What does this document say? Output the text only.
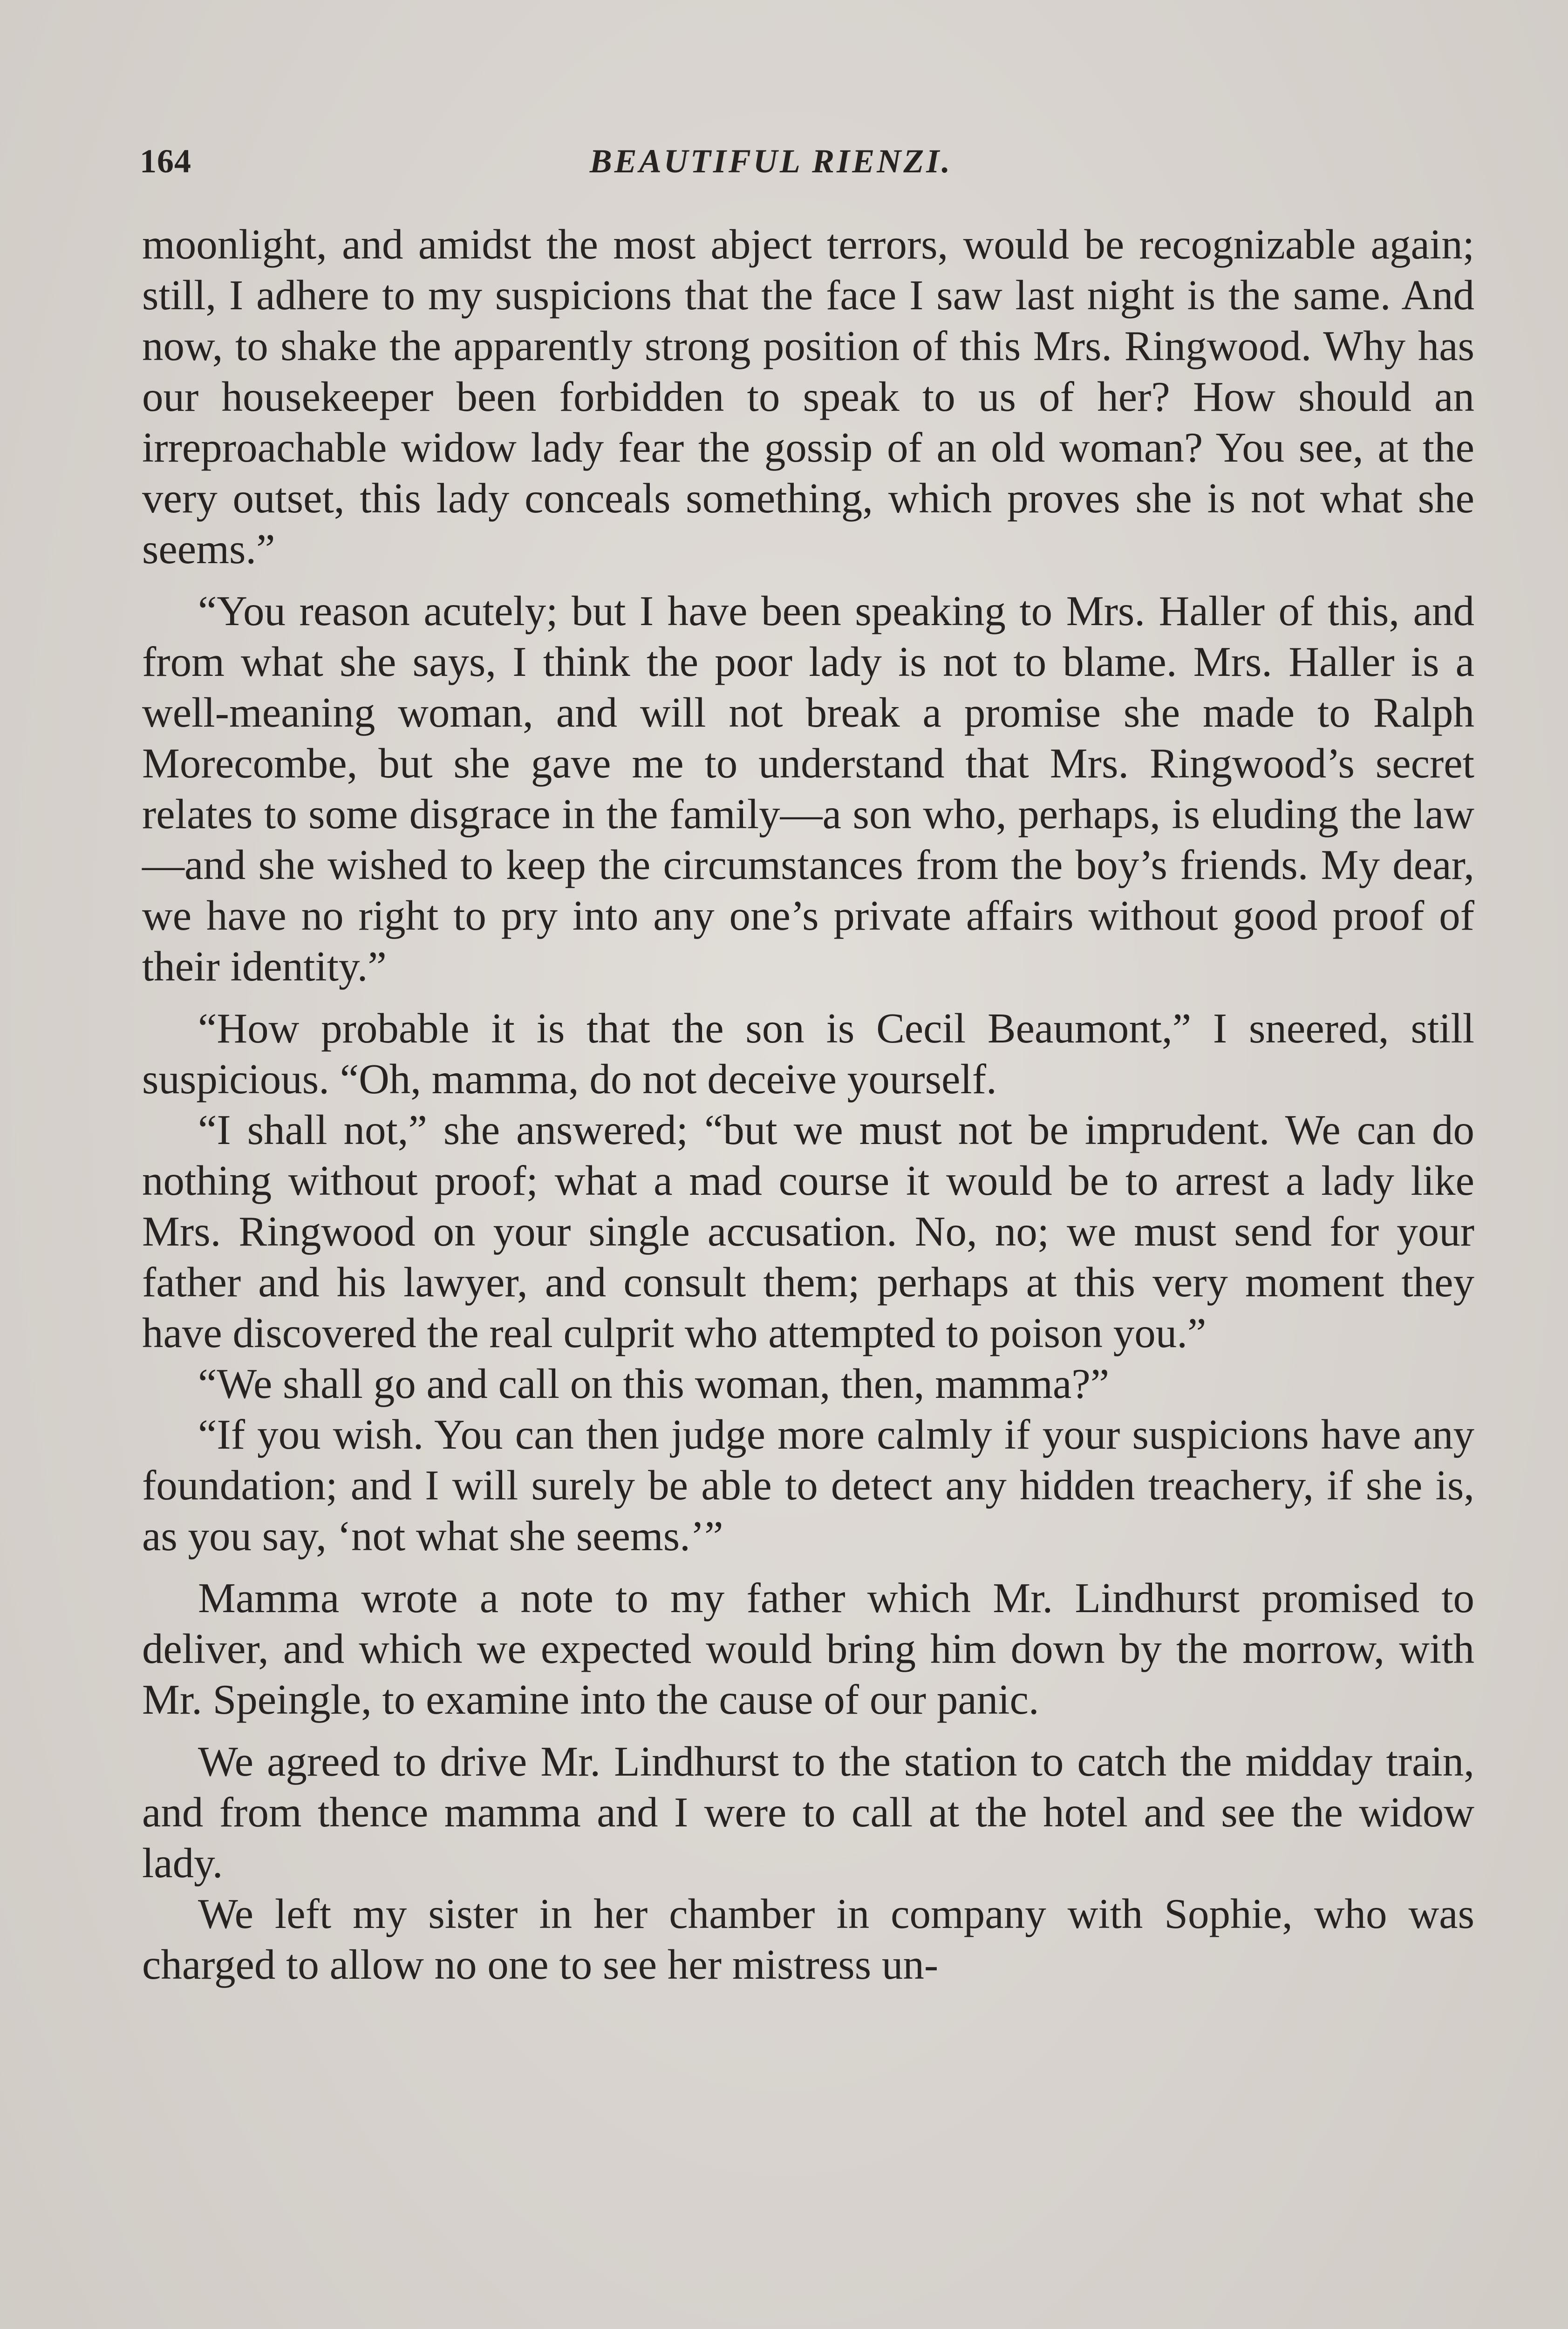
164	BEAUTIFUL RIENZI.

moonlight, and amidst the most abject terrors, would be recognizable again; still, I adhere to my suspicions that the face I saw last night is the same. And now, to shake the apparently strong position of this Mrs. Ringwood. Why has our housekeeper been forbidden to speak to us of her? How should an irreproachable widow lady fear the gossip of an old woman? You see, at the very outset, this lady conceals something, which proves she is not what she seems.”

“You reason acutely; but I have been speaking to Mrs. Haller of this, and from what she says, I think the poor lady is not to blame. Mrs. Haller is a well-meaning woman, and will not break a promise she made to Ralph Morecombe, but she gave me to understand that Mrs. Ringwood’s secret relates to some disgrace in the family—a son who, perhaps, is eluding the law—and she wished to keep the circumstances from the boy’s friends. My dear, we have no right to pry into any one’s private affairs without good proof of their identity.”

“How probable it is that the son is Cecil Beaumont,” I sneered, still suspicious. “Oh, mamma, do not deceive yourself.

“I shall not,” she answered; “but we must not be imprudent. We can do nothing without proof; what a mad course it would be to arrest a lady like Mrs. Ringwood on your single accusation. No, no; we must send for your father and his lawyer, and consult them; perhaps at this very moment they have discovered the real culprit who attempted to poison you.”

“We shall go and call on this woman, then, mamma?”

“If you wish. You can then judge more calmly if your suspicions have any foundation; and I will surely be able to detect any hidden treachery, if she is, as you say, ‘not what she seems.’”

Mamma wrote a note to my father which Mr. Lindhurst promised to deliver, and which we expected would bring him down by the morrow, with Mr. Speingle, to examine into the cause of our panic.

We agreed to drive Mr. Lindhurst to the station to catch the midday train, and from thence mamma and I were to call at the hotel and see the widow lady.

We left my sister in her chamber in company with Sophie, who was charged to allow no one to see her mistress un-
